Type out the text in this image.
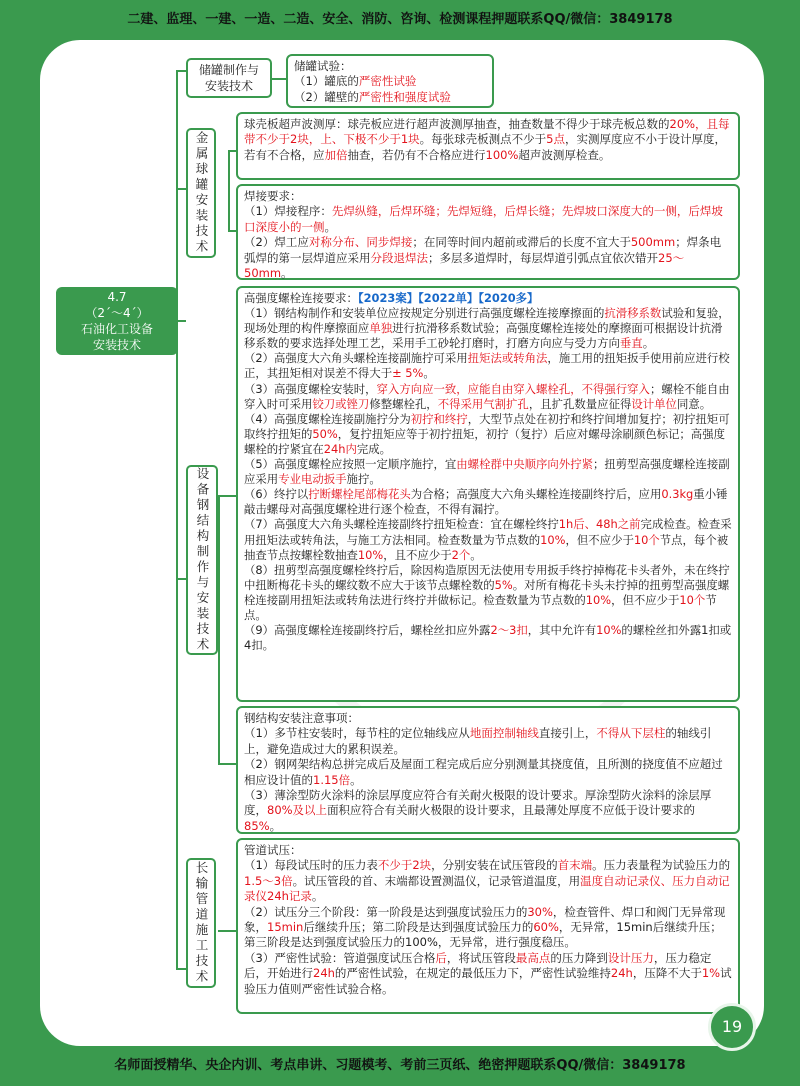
二建、监理、一建、一造、二造、安全、消防、咨询、检测课程押题联系QQ/微信：3849178

4.7

（2´～4´）

石油化工设备

安装技术

储罐制作与

安装技术

储罐试验：

（1）罐底的严密性试验

（2）罐壁的严密性和强度试验

金属球罐安装技术
球壳板超声波测厚：球壳板应进行超声波测厚抽查，抽查数量不得少于球壳板总数的20%，且每带不少于2块，上、下极不少于1块。每张球壳板测点不少于5点，实测厚度应不小于设计厚度，若有不合格，应加倍抽查，若仍有不合格应进行100%超声波测厚检查。

焊接要求：

（1）焊接程序：先焊纵缝，后焊环缝；先焊短缝，后焊长缝；先焊坡口深度大的一侧，后焊坡口深度小的一侧。

（2）焊工应对称分布、同步焊接；在同等时间内超前或滞后的长度不宜大于500mm；焊条电弧焊的第一层焊道应采用分段退焊法；多层多道焊时，每层焊道引弧点宜依次错开25～50mm。

设备钢结构制作与安装技术

高强度螺栓连接要求：【2023案】【2022单】【2020多】

（1）钢结构制作和安装单位应按规定分别进行高强度螺栓连接摩擦面的抗滑移系数试验和复验，现场处理的构件摩擦面应单独进行抗滑移系数试验；高强度螺栓连接处的摩擦面可根据设计抗滑移系数的要求选择处理工艺，采用手工砂轮打磨时，打磨方向应与受力方向垂直。

（2）高强度大六角头螺栓连接副施拧可采用扭矩法或转角法，施工用的扭矩扳手使用前应进行校正，其扭矩相对误差不得大于± 5%。

（3）高强度螺栓安装时，穿入方向应一致，应能自由穿入螺栓孔，不得强行穿入；螺栓不能自由穿入时可采用铰刀或锉刀修整螺栓孔，不得采用气割扩孔，且扩孔数量应征得设计单位同意。

（4）高强度螺栓连接副施拧分为初拧和终拧，大型节点处在初拧和终拧间增加复拧；初拧扭矩可取终拧扭矩的50%，复拧扭矩应等于初拧扭矩，初拧（复拧）后应对螺母涂刷颜色标记；高强度螺栓的拧紧宜在24h内完成。

（5）高强度螺栓应按照一定顺序施拧，宜由螺栓群中央顺序向外拧紧；扭剪型高强度螺栓连接副应采用专业电动扳手施拧。

（6）终拧以拧断螺栓尾部梅花头为合格；高强度大六角头螺栓连接副终拧后，应用0.3kg重小锤敲击螺母对高强度螺栓进行逐个检查，不得有漏拧。

（7）高强度大六角头螺栓连接副终拧扭矩检查：宜在螺栓终拧1h后、48h之前完成检查。检查采用扭矩法或转角法，与施工方法相同。检查数量为节点数的10%，但不应少于10个节点，每个被抽查节点按螺栓数抽查10%，且不应少于2个。

（8）扭剪型高强度螺栓终拧后，除因构造原因无法使用专用扳手终拧掉梅花卡头者外，未在终拧中扭断梅花卡头的螺纹数不应大于该节点螺栓数的5%。对所有梅花卡头未拧掉的扭剪型高强度螺栓连接副用扭矩法或转角法进行终拧并做标记。检查数量为节点数的10%，但不应少于10个节点。

（9）高强度螺栓连接副终拧后，螺栓丝扣应外露2～3扣，其中允许有10%的螺栓丝扣外露1扣或4扣。

钢结构安装注意事项：

（1）多节柱安装时，每节柱的定位轴线应从地面控制轴线直接引上，不得从下层柱的轴线引上，避免造成过大的累积误差。

（2）钢网架结构总拼完成后及屋面工程完成后应分别测量其挠度值，且所测的挠度值不应超过相应设计值的1.15倍。

（3）薄涂型防火涂料的涂层厚度应符合有关耐火极限的设计要求。厚涂型防火涂料的涂层厚度，80%及以上面积应符合有关耐火极限的设计要求，且最薄处厚度不应低于设计要求的85%。

长输管道施工技术

管道试压：

（1）每段试压时的压力表不少于2块，分别安装在试压管段的首末端。压力表量程为试验压力的1.5～3倍。试压管段的首、末端都设置测温仪，记录管道温度，用温度自动记录仪、压力自动记录仪24h记录。

（2）试压分三个阶段：第一阶段是达到强度试验压力的30%，检查管件、焊口和阀门无异常现象，15min后继续升压；第二阶段是达到强度试验压力的60%，无异常，15min后继续升压；第三阶段是达到强度试验压力的100%，无异常，进行强度稳压。

（3）严密性试验：管道强度试压合格后，将试压管段最高点的压力降到设计压力，压力稳定后，开始进行24h的严密性试验，在规定的最低压力下，严密性试验维持24h，压降不大于1%试验压力值则严密性试验合格。

19
名师面授精华、央企内训、考点串讲、习题模考、考前三页纸、绝密押题联系QQ/微信：3849178
